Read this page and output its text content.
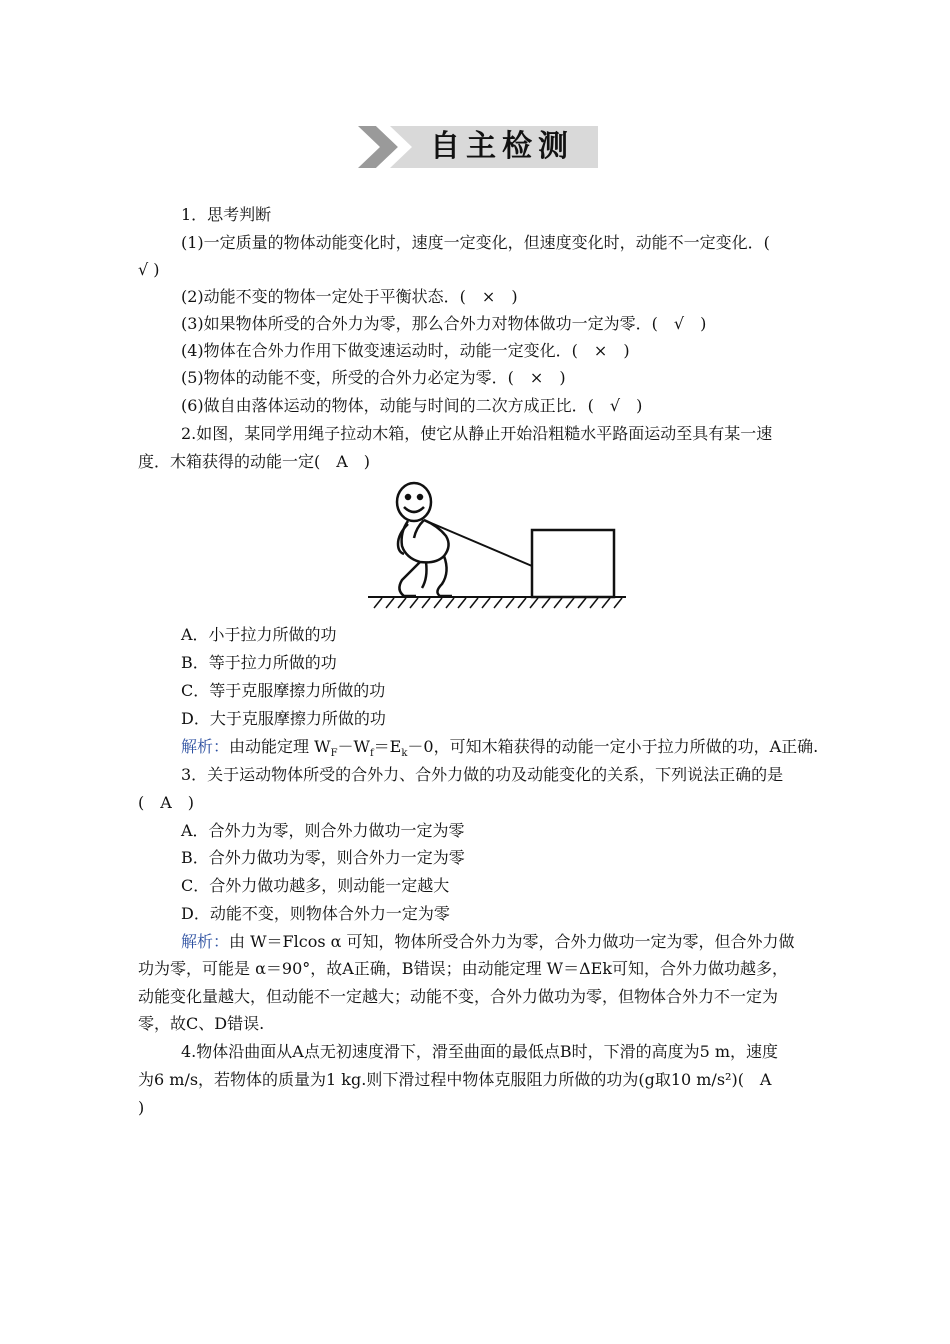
自主检测
1．思考判断
(1)一定质量的物体动能变化时，速度一定变化，但速度变化时，动能不一定变化．(
√ )
(2)动能不变的物体一定处于平衡状态．(　×　)
(3)如果物体所受的合外力为零，那么合外力对物体做功一定为零．(　√　)
(4)物体在合外力作用下做变速运动时，动能一定变化．(　×　)
(5)物体的动能不变，所受的合外力必定为零．(　×　)
(6)做自由落体运动的物体，动能与时间的二次方成正比．(　√　)
2.如图，某同学用绳子拉动木箱，使它从静止开始沿粗糙水平路面运动至具有某一速
度．木箱获得的动能一定(　A　)
A．小于拉力所做的功
B．等于拉力所做的功
C．等于克服摩擦力所做的功
D．大于克服摩擦力所做的功
解析：由动能定理 $W_F-W_f=E_k-0$，可知木箱获得的动能一定小于拉力所做的功，A正确.
3．关于运动物体所受的合外力、合外力做的功及动能变化的关系，下列说法正确的是
(　A　)
A．合外力为零，则合外力做功一定为零
B．合外力做功为零，则合外力一定为零
C．合外力做功越多，则动能一定越大
D．动能不变，则物体合外力一定为零
解析：由 W＝Flcos α 可知，物体所受合外力为零，合外力做功一定为零，但合外力做
功为零，可能是 α＝90°，故A正确，B错误；由动能定理 W＝ΔEk可知，合外力做功越多，
动能变化量越大，但动能不一定越大；动能不变，合外力做功为零，但物体合外力不一定为
零，故C、D错误.
4.物体沿曲面从A点无初速度滑下，滑至曲面的最低点B时，下滑的高度为5 m，速度
为6 m/s，若物体的质量为1 kg.则下滑过程中物体克服阻力所做的功为(g取10 m/s²)(　A
)
